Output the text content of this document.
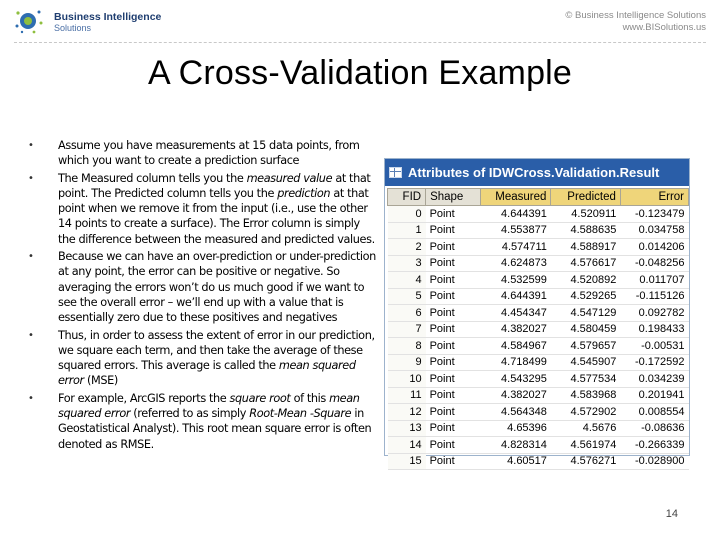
Business Intelligence
Solutions
© Business Intelligence Solutions
www.BISolutions.us
A Cross-Validation Example
• Assume you have measurements at 15 data points, from which you want to create a prediction surface
• The Measured column tells you the measured value at that point. The Predicted column tells you the prediction at that point when we remove it from the input (i.e., use the other 14 points to create a surface). The Error column is simply the difference between the measured and predicted values.
• Because we can have an over-prediction or under-prediction at any point, the error can be positive or negative. So averaging the errors won’t do us much good if we want to see the overall error – we’ll end up with a value that is essentially zero due to these positives and negatives
• Thus, in order to assess the extent of error in our prediction, we square each term, and then take the average of these squared errors. This average is called the mean squared error (MSE)
• For example, ArcGIS reports the square root of this mean squared error (referred to as simply Root-Mean -Square in Geostatistical Analyst). This root mean square error is often denoted as RMSE.
Attributes of IDWCross.Validation.Result
FID	Shape	Measured	Predicted	Error
0	Point	4.644391	4.520911	-0.123479
1	Point	4.553877	4.588635	0.034758
2	Point	4.574711	4.588917	0.014206
3	Point	4.624873	4.576617	-0.048256
4	Point	4.532599	4.520892	0.011707
5	Point	4.644391	4.529265	-0.115126
6	Point	4.454347	4.547129	0.092782
7	Point	4.382027	4.580459	0.198433
8	Point	4.584967	4.579657	-0.00531
9	Point	4.718499	4.545907	-0.172592
10	Point	4.543295	4.577534	0.034239
11	Point	4.382027	4.583968	0.201941
12	Point	4.564348	4.572902	0.008554
13	Point	4.65396	4.5676	-0.08636
14	Point	4.828314	4.561974	-0.266339
15	Point	4.60517	4.576271	-0.028900
14
